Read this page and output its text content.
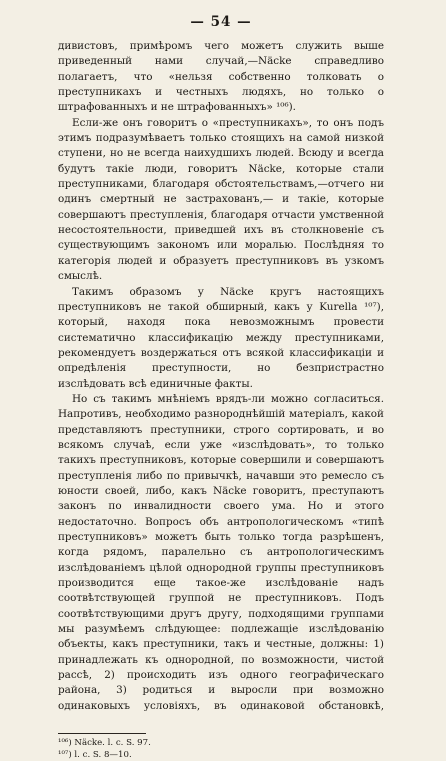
— 54 —

дивистовъ, примѣромъ чего можетъ служить выше приведенный нами случай,—Näcke справедливо полагаетъ, что «нельзя собственно толковать о преступникахъ и честныхъ людяхъ, но только о штрафованныхъ и не штрафованныхъ» ¹⁰⁶).

Если-же онъ говоритъ о «преступникахъ», то онъ подъ этимъ подразумѣваетъ только стоящихъ на самой низкой ступени, но не всегда наихудшихъ людей. Всюду и всегда будутъ такіе люди, говоритъ Näcke, которые стали преступниками, благодаря обстоятельствамъ,—отчего ни одинъ смертный не застрахованъ,— и такіе, которые совершаютъ преступленія, благодаря отчасти умственной несостоятельности, приведшей ихъ въ столкновеніе съ существующимъ закономъ или моралью. Послѣдняя то категорія людей и образуетъ преступниковъ въ узкомъ смыслѣ.

Такимъ образомъ у Näcke кругъ настоящихъ преступниковъ не такой обширный, какъ у Kurella ¹⁰⁷), который, находя пока невозможнымъ провести систематично классификацію между преступниками, рекомендуетъ воздержаться отъ всякой классификаціи и опредѣленія преступности, но безпристрастно изслѣдовать всѣ единичные факты.

Но съ такимъ мнѣніемъ врядъ-ли можно согласиться. Напротивъ, необходимо разнороднѣйшій матеріалъ, какой представляютъ преступники, строго сортировать, и во всякомъ случаѣ, если уже «изслѣдовать», то только такихъ преступниковъ, которые совершили и совершаютъ преступленія либо по привычкѣ, начавши это ремесло съ юности своей, либо, какъ Näcke говоритъ, преступаютъ законъ по инвалидности своего ума. Но и этого недостаточно. Вопросъ объ антропологическомъ «типѣ преступниковъ» можетъ быть только тогда разрѣшенъ, когда рядомъ, паралельно съ антропологическимъ изслѣдованіемъ цѣлой однородной группы преступниковъ производится еще такое-же изслѣдованіе надъ соотвѣтствующей группой не преступниковъ. Подъ соотвѣтствующими другъ другу, подходящими группами мы разумѣемъ слѣдующее: подлежащіе изслѣдованію объекты, какъ преступники, такъ и честные, должны: 1) принадлежать къ однородной, по возможности, чистой рассѣ, 2) происходить изъ одного географическаго района, 3) родиться и выросли при возможно одинаковыхъ условіяхъ, въ одинаковой обстановкѣ,

¹⁰⁶) Näcke. l. c. S. 97.
¹⁰⁷) l. c. S. 8—10.
